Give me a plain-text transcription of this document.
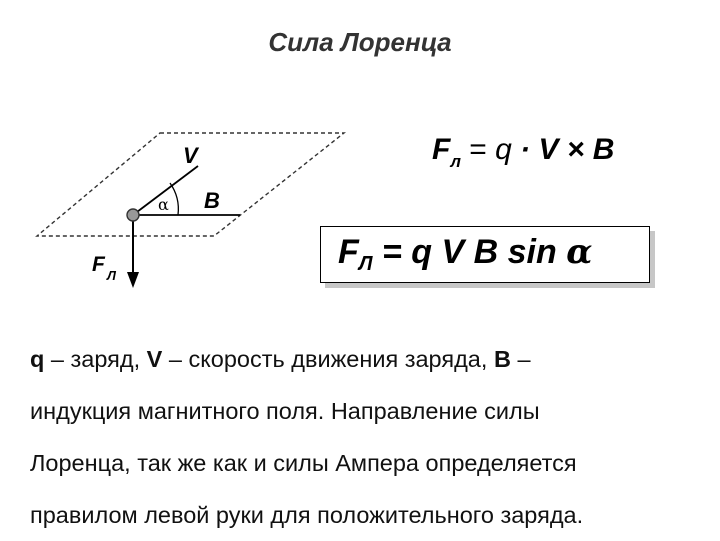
Сила Лоренца
V
α B
F Л
$F_л = q \cdot V \times B$
$F_Л = q$ V B sin α
q – заряд, V – скорость движения заряда, B –
индукция магнитного поля. Направление силы
Лоренца, так же как и силы Ампера определяется
правилом левой руки для положительного заряда.
